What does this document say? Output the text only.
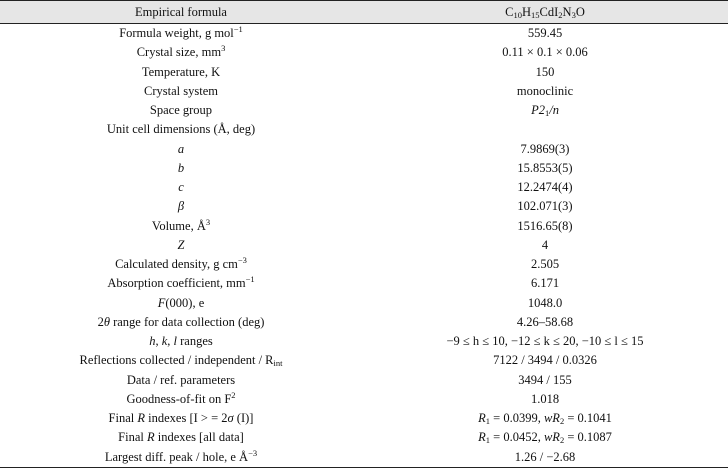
Empirical formula	$C_{10}H_{15}CdI_2N_3O$
Formula weight, g mol$^{-1}$	559.45
Crystal size, $mm^3$	0.11 × 0.1 × 0.06
Temperature, K	150
Crystal system	monoclinic
Space group	$P2_1/n$
Unit cell dimensions (Å, deg)	
a	7.9869(3)
b	15.8553(5)
c	12.2474(4)
β	102.071(3)
Volume, $Å^3$	1516.65(8)
Z	4
Calculated density, g $cm^{-3}$	2.505
Absorption coefficient, $mm^{-1}$	6.171
F(000), e	1048.0
2θ range for data collection (deg)	4.26–58.68
h, k, l ranges	−9 ≤ h ≤ 10, −12 ≤ k ≤ 20, −10 ≤ l ≤ 15
Reflections collected / independent / $R_{int}$	7122 / 3494 / 0.0326
Data / ref. parameters	3494 / 155
Goodness-of-fit on $F^2$	1.018
Final R indexes [I > = 2σ (I)]	$R_1 = 0.0399$, $wR_2 = 0.1041$
Final R indexes [all data]	$R_1 = 0.0452$, $wR_2 = 0.1087$
Largest diff. peak / hole, e $Å^{-3}$	1.26 / −2.68
